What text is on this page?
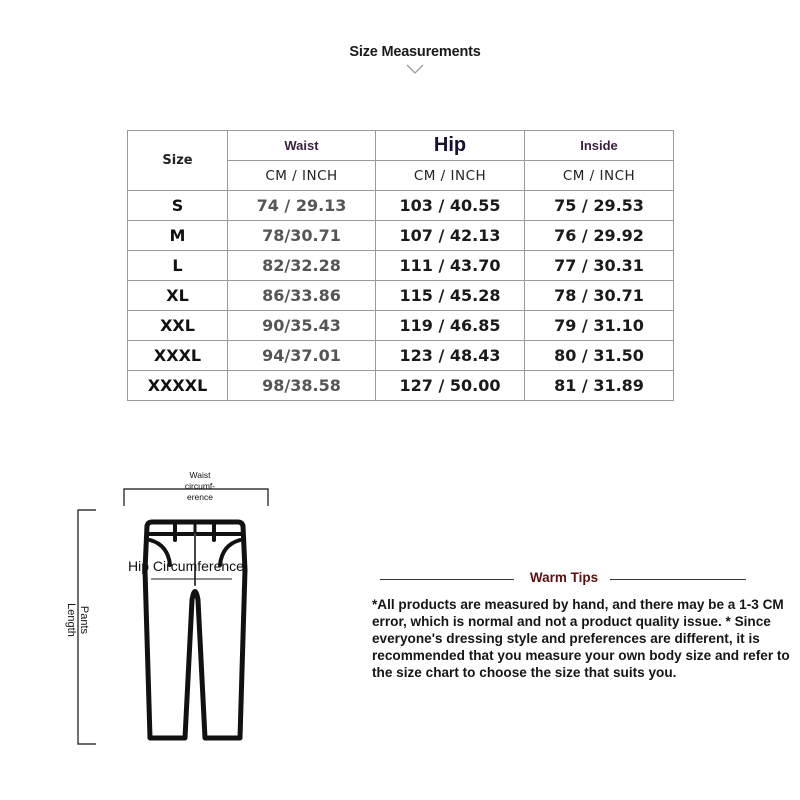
Size Measurements
Size	Waist	Hip	Inside
	CM / INCH	CM / INCH	CM / INCH
S	74 / 29.13	103 / 40.55	75 / 29.53
M	78/30.71	107 / 42.13	76 / 29.92
L	82/32.28	111 / 43.70	77 / 30.31
XL	86/33.86	115 / 45.28	78 / 30.71
XXL	90/35.43	119 / 46.85	79 / 31.10
XXXL	94/37.01	123 / 48.43	80 / 31.50
XXXXL	98/38.58	127 / 50.00	81 / 31.89
Waist
circumf-
erence
Hip Circumference
Pants
Length
Warm Tips
*All products are measured by hand, and there may be a 1-3 CM error, which is normal and not a product quality issue. * Since everyone's dressing style and preferences are different, it is recommended that you measure your own body size and refer to the size chart to choose the size that suits you.
